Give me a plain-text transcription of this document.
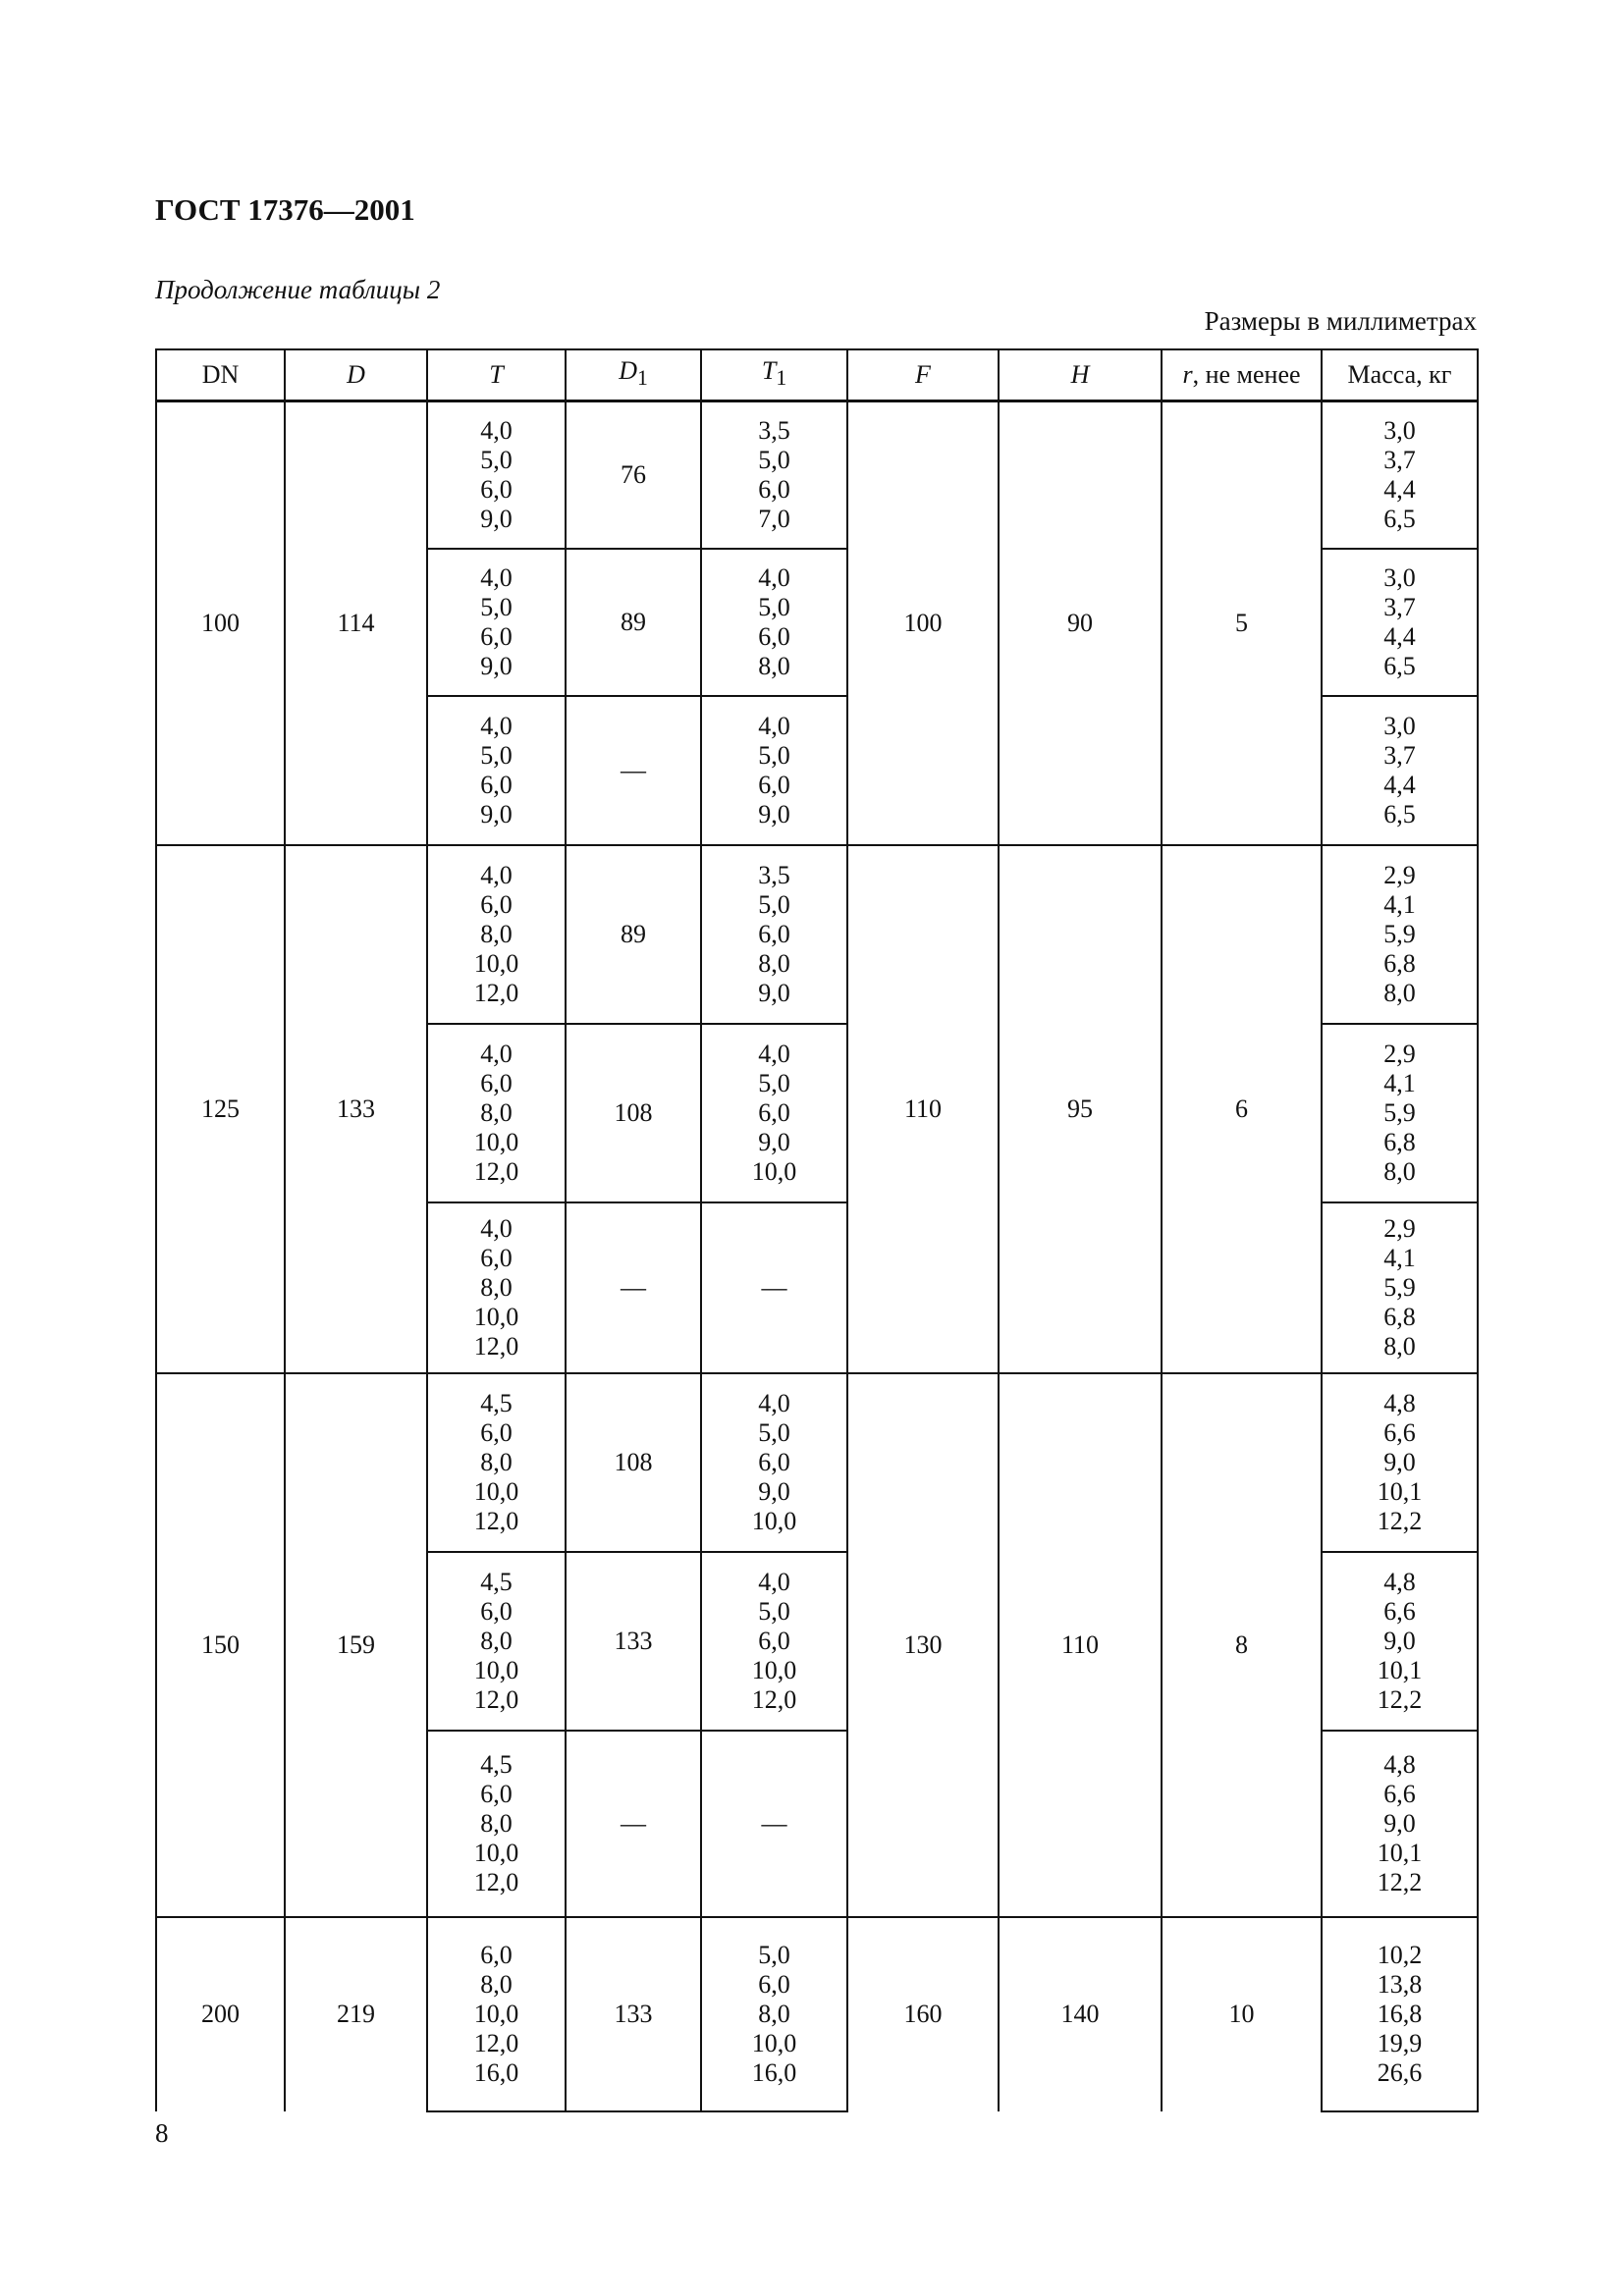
ГОСТ 17376—2001

Продолжение таблицы 2

Размеры в миллиметрах

DN	D	T	$D_1$	$T_1$	F	H	r, не менее	Масса, кг
100	114	4,0
5,0
6,0
9,0	76	3,5
5,0
6,0
7,0	100	90	5	3,0
3,7
4,4
6,5
		4,0
5,0
6,0
9,0	89	4,0
5,0
6,0
8,0				3,0
3,7
4,4
6,5
		4,0
5,0
6,0
9,0	—	4,0
5,0
6,0
9,0				3,0
3,7
4,4
6,5
125	133	4,0
6,0
8,0
10,0
12,0	89	3,5
5,0
6,0
8,0
9,0	110	95	6	2,9
4,1
5,9
6,8
8,0
		4,0
6,0
8,0
10,0
12,0	108	4,0
5,0
6,0
9,0
10,0				2,9
4,1
5,9
6,8
8,0
		4,0
6,0
8,0
10,0
12,0	—	—				2,9
4,1
5,9
6,8
8,0
150	159	4,5
6,0
8,0
10,0
12,0	108	4,0
5,0
6,0
9,0
10,0	130	110	8	4,8
6,6
9,0
10,1
12,2
		4,5
6,0
8,0
10,0
12,0	133	4,0
5,0
6,0
10,0
12,0				4,8
6,6
9,0
10,1
12,2
		4,5
6,0
8,0
10,0
12,0	—	—				4,8
6,6
9,0
10,1
12,2
200	219	6,0
8,0
10,0
12,0
16,0	133	5,0
6,0
8,0
10,0
16,0	160	140	10	10,2
13,8
16,8
19,9
26,6

8
